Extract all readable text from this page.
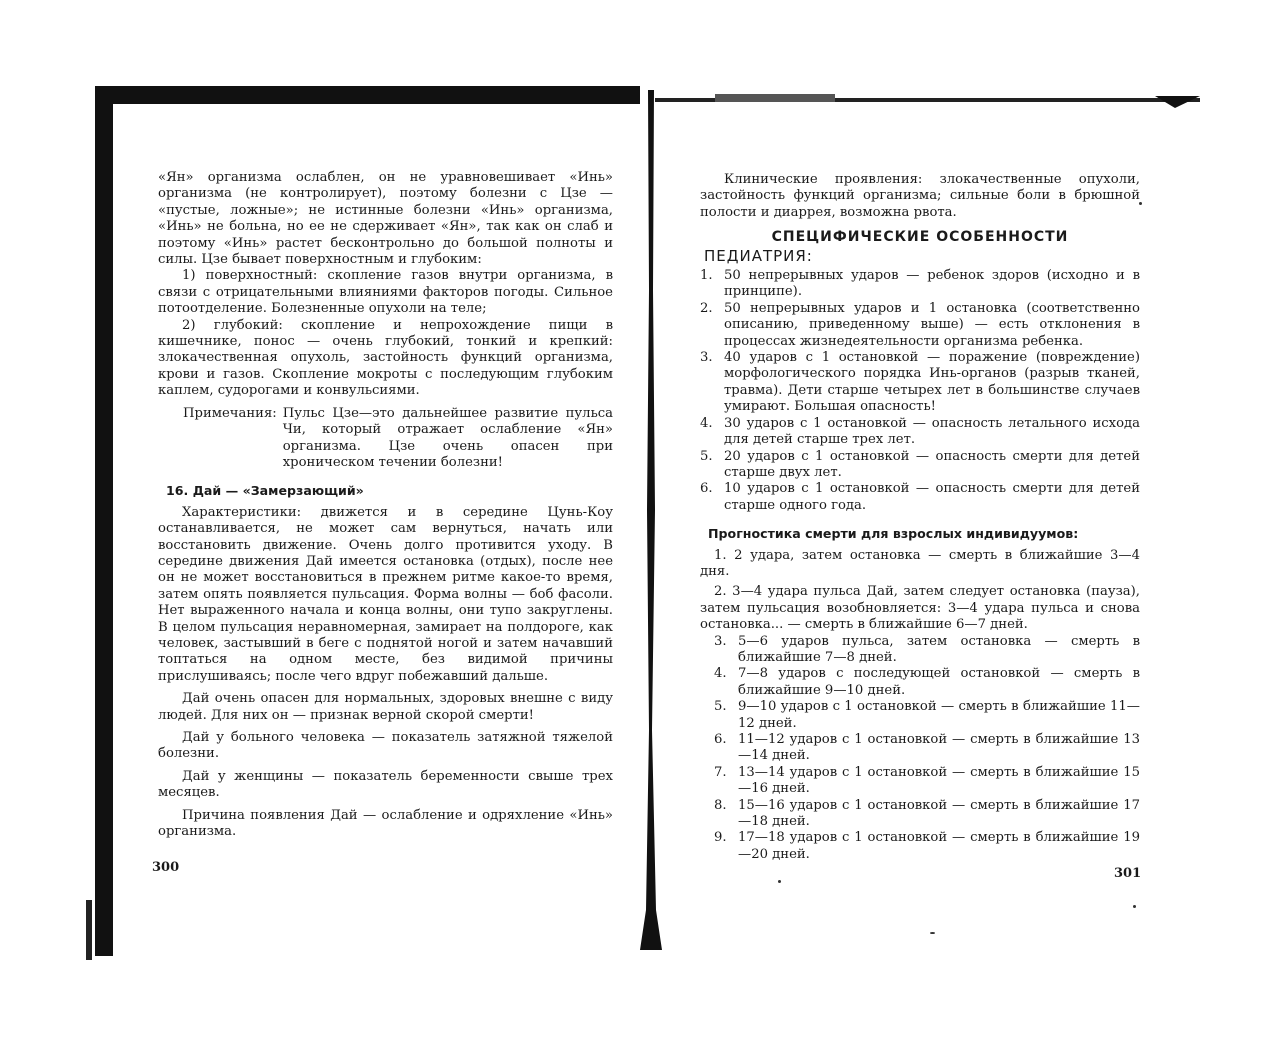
«Ян» организма ослаблен, он не уравновешивает «Инь» организма (не контролирует), поэтому болезни с Цзе — «пустые, ложные»; не истинные болезни «Инь» организма, «Инь» не больна, но ее не сдерживает «Ян», так как он слаб и поэтому «Инь» растет бесконтрольно до большой полноты и силы. Цзе бывает поверхностным и глубоким:

1) поверхностный: скопление газов внутри организма, в связи с отрицательными влияниями факторов погоды. Сильное потоотделение. Болезненные опухоли на теле;

2) глубокий: скопление и непрохождение пищи в кишечнике, понос — очень глубокий, тонкий и крепкий: злокачественная опухоль, застойность функций организма, крови и газов. Скопление мокроты с последующим глубоким каплем, судорогами и конвульсиями.

Примечания: Пульс Цзе—это дальнейшее развитие пульса Чи, который отражает ослабление «Ян» организма. Цзе очень опасен при хроническом течении болезни!
16. Дай — «Замерзающий»

Характеристики: движется и в середине Цунь-Коу останавливается, не может сам вернуться, начать или восстановить движение. Очень долго противится уходу. В середине движения Дай имеется остановка (отдых), после нее он не может восстановиться в прежнем ритме какое-то время, затем опять появляется пульсация. Форма волны — боб фасоли. Нет выраженного начала и конца волны, они тупо закруглены. В целом пульсация неравномерная, замирает на полдороге, как человек, застывший в беге с поднятой ногой и затем начавший топтаться на одном месте, без видимой причины прислушиваясь; после чего вдруг побежавший дальше.

Дай очень опасен для нормальных, здоровых внешне с виду людей. Для них он — признак верной скорой смерти!

Дай у больного человека — показатель затяжной тяжелой болезни.

Дай у женщины — показатель беременности свыше трех месяцев.

Причина появления Дай — ослабление и одряхление «Инь» организма.

300

Клинические проявления: злокачественные опухоли, застойность функций организма; сильные боли в брюшной полости и диаррея, возможна рвота.

СПЕЦИФИЧЕСКИЕ ОСОБЕННОСТИ
ПЕДИАТРИЯ:
1. 50 непрерывных ударов — ребенок здоров (исходно и в принципе).
2. 50 непрерывных ударов и 1 остановка (соответственно описанию, приведенному выше) — есть отклонения в процессах жизнедеятельности организма ребенка.
3. 40 ударов с 1 остановкой — поражение (повреждение) морфологического порядка Инь-органов (разрыв тканей, травма). Дети старше четырех лет в большинстве случаев умирают. Большая опасность!
4. 30 ударов с 1 остановкой — опасность летального исхода для детей старше трех лет.
5. 20 ударов с 1 остановкой — опасность смерти для детей старше двух лет.
6. 10 ударов с 1 остановкой — опасность смерти для детей старше одного года.
Прогностика смерти для взрослых индивидуумов:

1. 2 удара, затем остановка — смерть в ближайшие 3—4 дня.

2. 3—4 удара пульса Дай, затем следует остановка (пауза), затем пульсация возобновляется: 3—4 удара пульса и снова остановка... — смерть в ближайшие 6—7 дней.

3. 5—6 ударов пульса, затем остановка — смерть в ближайшие 7—8 дней.
4. 7—8 ударов с последующей остановкой — смерть в ближайшие 9—10 дней.
5. 9—10 ударов с 1 остановкой — смерть в ближайшие 11—12 дней.
6. 11—12 ударов с 1 остановкой — смерть в ближайшие 13—14 дней.
7. 13—14 ударов с 1 остановкой — смерть в ближайшие 15—16 дней.
8. 15—16 ударов с 1 остановкой — смерть в ближайшие 17—18 дней.
9. 17—18 ударов с 1 остановкой — смерть в ближайшие 19—20 дней.
301
